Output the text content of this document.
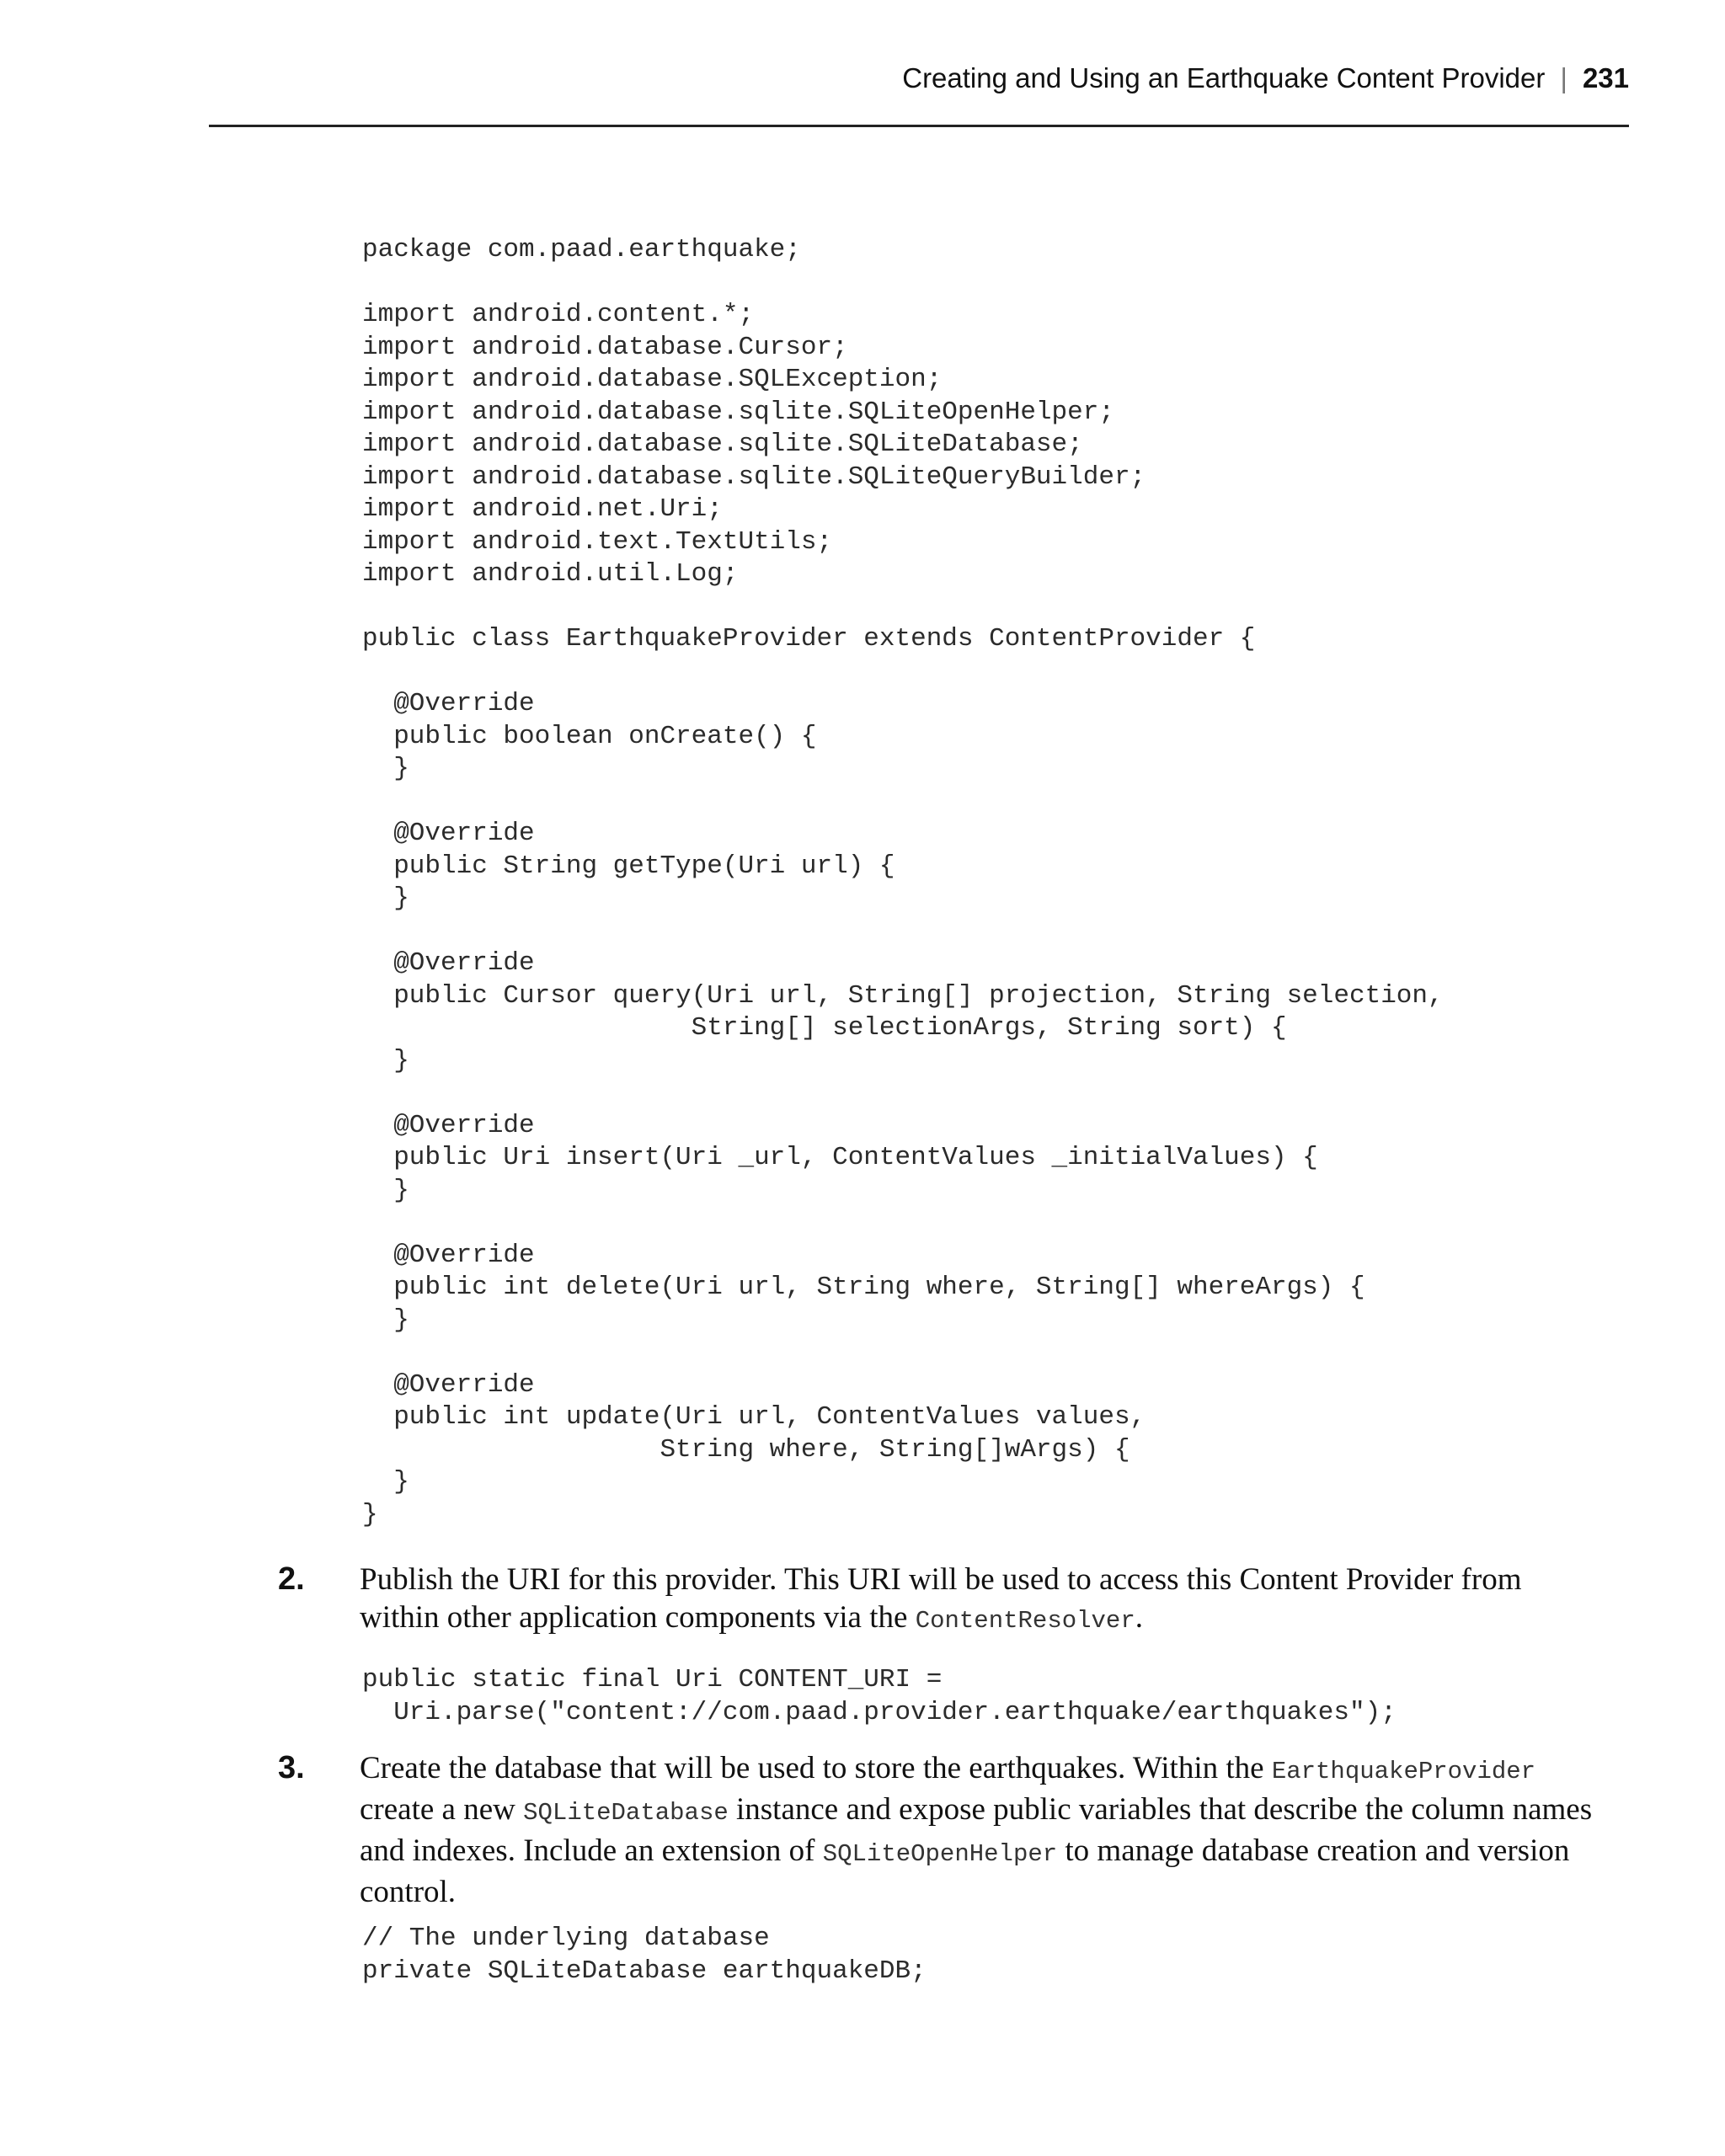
Creating and Using an Earthquake Content Provider | 231
package com.paad.earthquake;
import android.content.*;
import android.database.Cursor;
import android.database.SQLException;
import android.database.sqlite.SQLiteOpenHelper;
import android.database.sqlite.SQLiteDatabase;
import android.database.sqlite.SQLiteQueryBuilder;
import android.net.Uri;
import android.text.TextUtils;
import android.util.Log;
public class EarthquakeProvider extends ContentProvider {
@Override
public boolean onCreate() {
}
@Override
public String getType(Uri url) {
}
@Override
public Cursor query(Uri url, String[] projection, String selection,
String[] selectionArgs, String sort) {
}
@Override
public Uri insert(Uri _url, ContentValues _initialValues) {
}
@Override
public int delete(Uri url, String where, String[] whereArgs) {
}
@Override
public int update(Uri url, ContentValues values,
String where, String[]wArgs) {
}
}
2.	Publish the URI for this provider. This URI will be used to access this Content Provider from within other application components via the ContentResolver.
public static final Uri CONTENT_URI =
Uri.parse("content://com.paad.provider.earthquake/earthquakes");
3.	Create the database that will be used to store the earthquakes. Within the EarthquakeProvider create a new SQLiteDatabase instance and expose public variables that describe the column names and indexes. Include an extension of SQLiteOpenHelper to manage database creation and version control.
// The underlying database
private SQLiteDatabase earthquakeDB;
